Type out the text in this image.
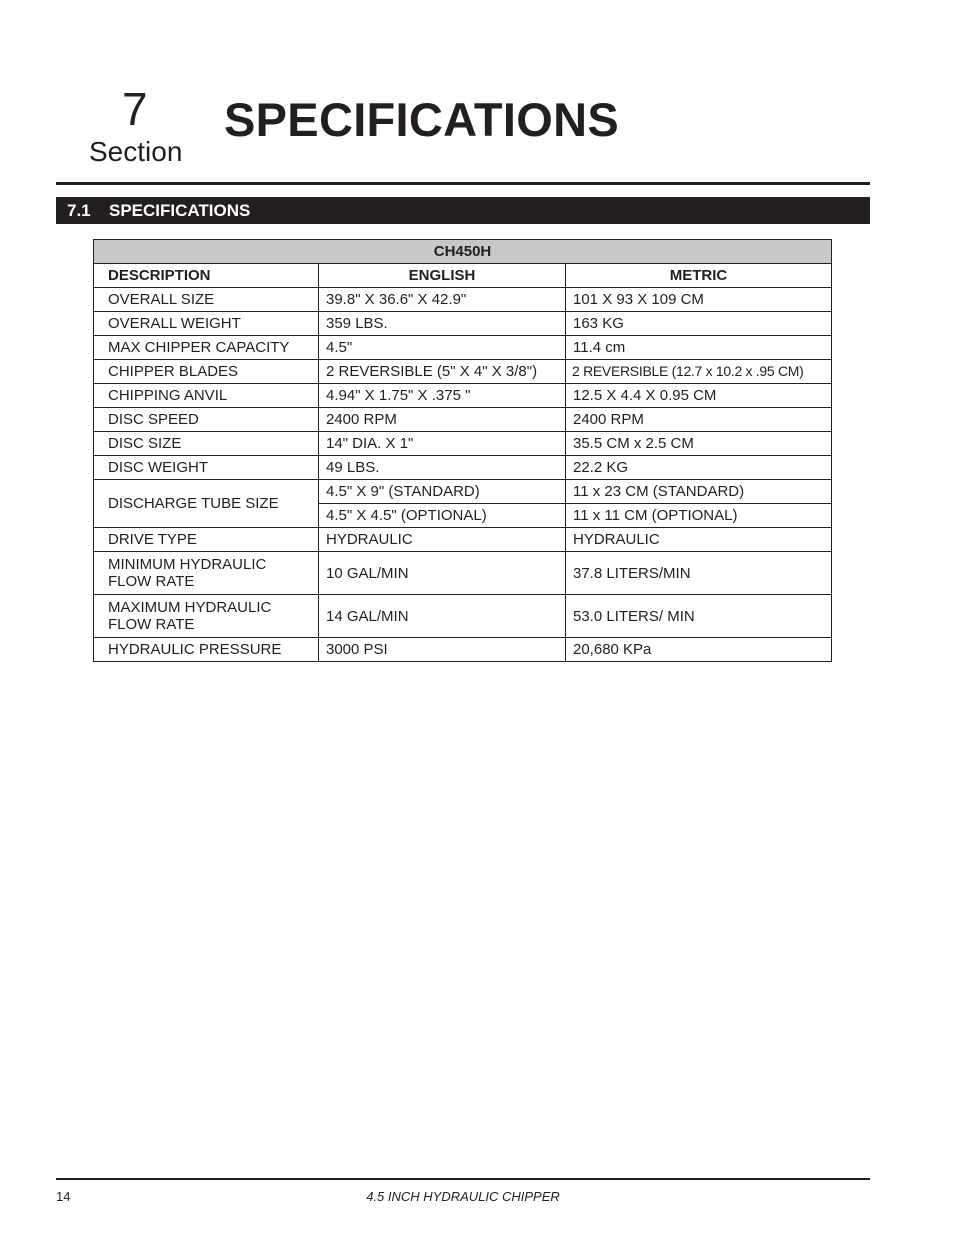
7
Section
SPECIFICATIONS
7.1 SPECIFICATIONS
CH450H		
DESCRIPTION	ENGLISH	METRIC
OVERALL SIZE	39.8" X 36.6" X 42.9"	101 X 93 X 109 CM
OVERALL WEIGHT	359 LBS.	163 KG
MAX CHIPPER CAPACITY	4.5"	11.4 cm
CHIPPER BLADES	2 REVERSIBLE (5" X 4" X 3/8")	2 REVERSIBLE (12.7 x 10.2 x .95 CM)
CHIPPING ANVIL	4.94" X 1.75" X .375 "	12.5 X 4.4 X 0.95 CM
DISC SPEED	2400 RPM	2400 RPM
DISC SIZE	14" DIA. X 1"	35.5 CM x 2.5 CM
DISC WEIGHT	49 LBS.	22.2 KG
DISCHARGE TUBE SIZE	4.5" X 9" (STANDARD)	11 x 23 CM (STANDARD)
	4.5" X 4.5" (OPTIONAL)	11 x 11 CM (OPTIONAL)
DRIVE TYPE	HYDRAULIC	HYDRAULIC
MINIMUM HYDRAULIC FLOW RATE	10 GAL/MIN	37.8 LITERS/MIN
MAXIMUM HYDRAULIC FLOW RATE	14 GAL/MIN	53.0 LITERS/ MIN
HYDRAULIC PRESSURE	3000 PSI	20,680 KPa
14	4.5 INCH HYDRAULIC CHIPPER
